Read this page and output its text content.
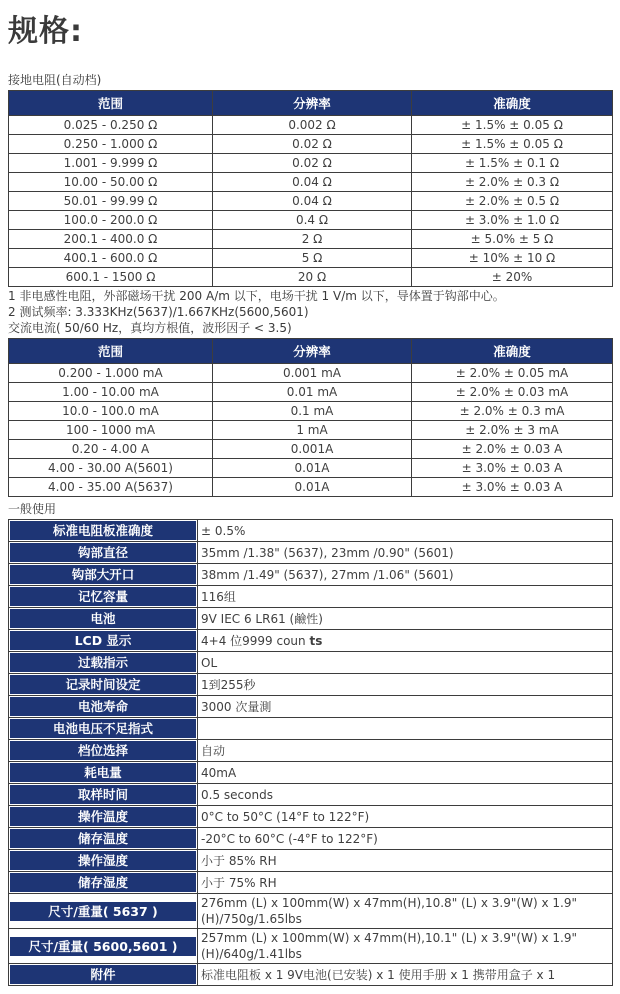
规格:
接地电阻(自动档)
范围	分辨率	准确度
0.025 - 0.250 Ω	0.002 Ω	± 1.5% ± 0.05 Ω
0.250 - 1.000 Ω	0.02 Ω	± 1.5% ± 0.05 Ω
1.001 - 9.999 Ω	0.02 Ω	± 1.5% ± 0.1 Ω
10.00 - 50.00 Ω	0.04 Ω	± 2.0% ± 0.3 Ω
50.01 - 99.99 Ω	0.04 Ω	± 2.0% ± 0.5 Ω
100.0 - 200.0 Ω	0.4 Ω	± 3.0% ± 1.0 Ω
200.1 - 400.0 Ω	2 Ω	± 5.0% ± 5 Ω
400.1 - 600.0 Ω	5 Ω	± 10% ± 10 Ω
600.1 - 1500 Ω	20 Ω	± 20%
1 非电感性电阻，外部磁场干扰 200 A/m 以下，电场干扰 1 V/m 以下，导体置于钩部中心。
2 测试频率: 3.333KHz(5637)/1.667KHz(5600,5601)
交流电流( 50/60 Hz，真均方根值，波形因子 < 3.5)
范围	分辨率	准确度
0.200 - 1.000 mA	0.001 mA	± 2.0% ± 0.05 mA
1.00 - 10.00 mA	0.01 mA	± 2.0% ± 0.03 mA
10.0 - 100.0 mA	0.1 mA	± 2.0% ± 0.3 mA
100 - 1000 mA	1 mA	± 2.0% ± 3 mA
0.20 - 4.00 A	0.001A	± 2.0% ± 0.03 A
4.00 - 30.00 A(5601)	0.01A	± 3.0% ± 0.03 A
4.00 - 35.00 A(5637)	0.01A	± 3.0% ± 0.03 A
一般使用
标准电阻板准确度	± 0.5%

钩部直径	35mm /1.38" (5637), 23mm /0.90" (5601)

钩部大开口	38mm /1.49" (5637), 27mm /1.06" (5601)

记忆容量	116组

电池	9V IEC 6 LR61 (鹼性)

LCD 显示	4+4 位9999 coun ts

过载指示	OL

记录时间设定	1到255秒

电池寿命	3000 次量測

电池电压不足指式	

档位选择	自动

耗电量	40mA

取样时间	0.5 seconds

操作温度	0°C to 50°C (14°F to 122°F)

储存温度	-20°C to 60°C (-4°F to 122°F)

操作湿度	小于 85% RH

储存湿度	小于 75% RH

尺寸/重量( 5637 )	276mm (L) x 100mm(W) x 47mm(H),10.8" (L) x 3.9"(W) x 1.9"(H)/750g/1.65lbs

尺寸/重量( 5600,5601 )	257mm (L) x 100mm(W) x 47mm(H),10.1" (L) x 3.9"(W) x 1.9"(H)/640g/1.41lbs

附件	标准电阻板 x 1 9V电池(已安装) x 1 使用手册 x 1 携带用盒子 x 1
